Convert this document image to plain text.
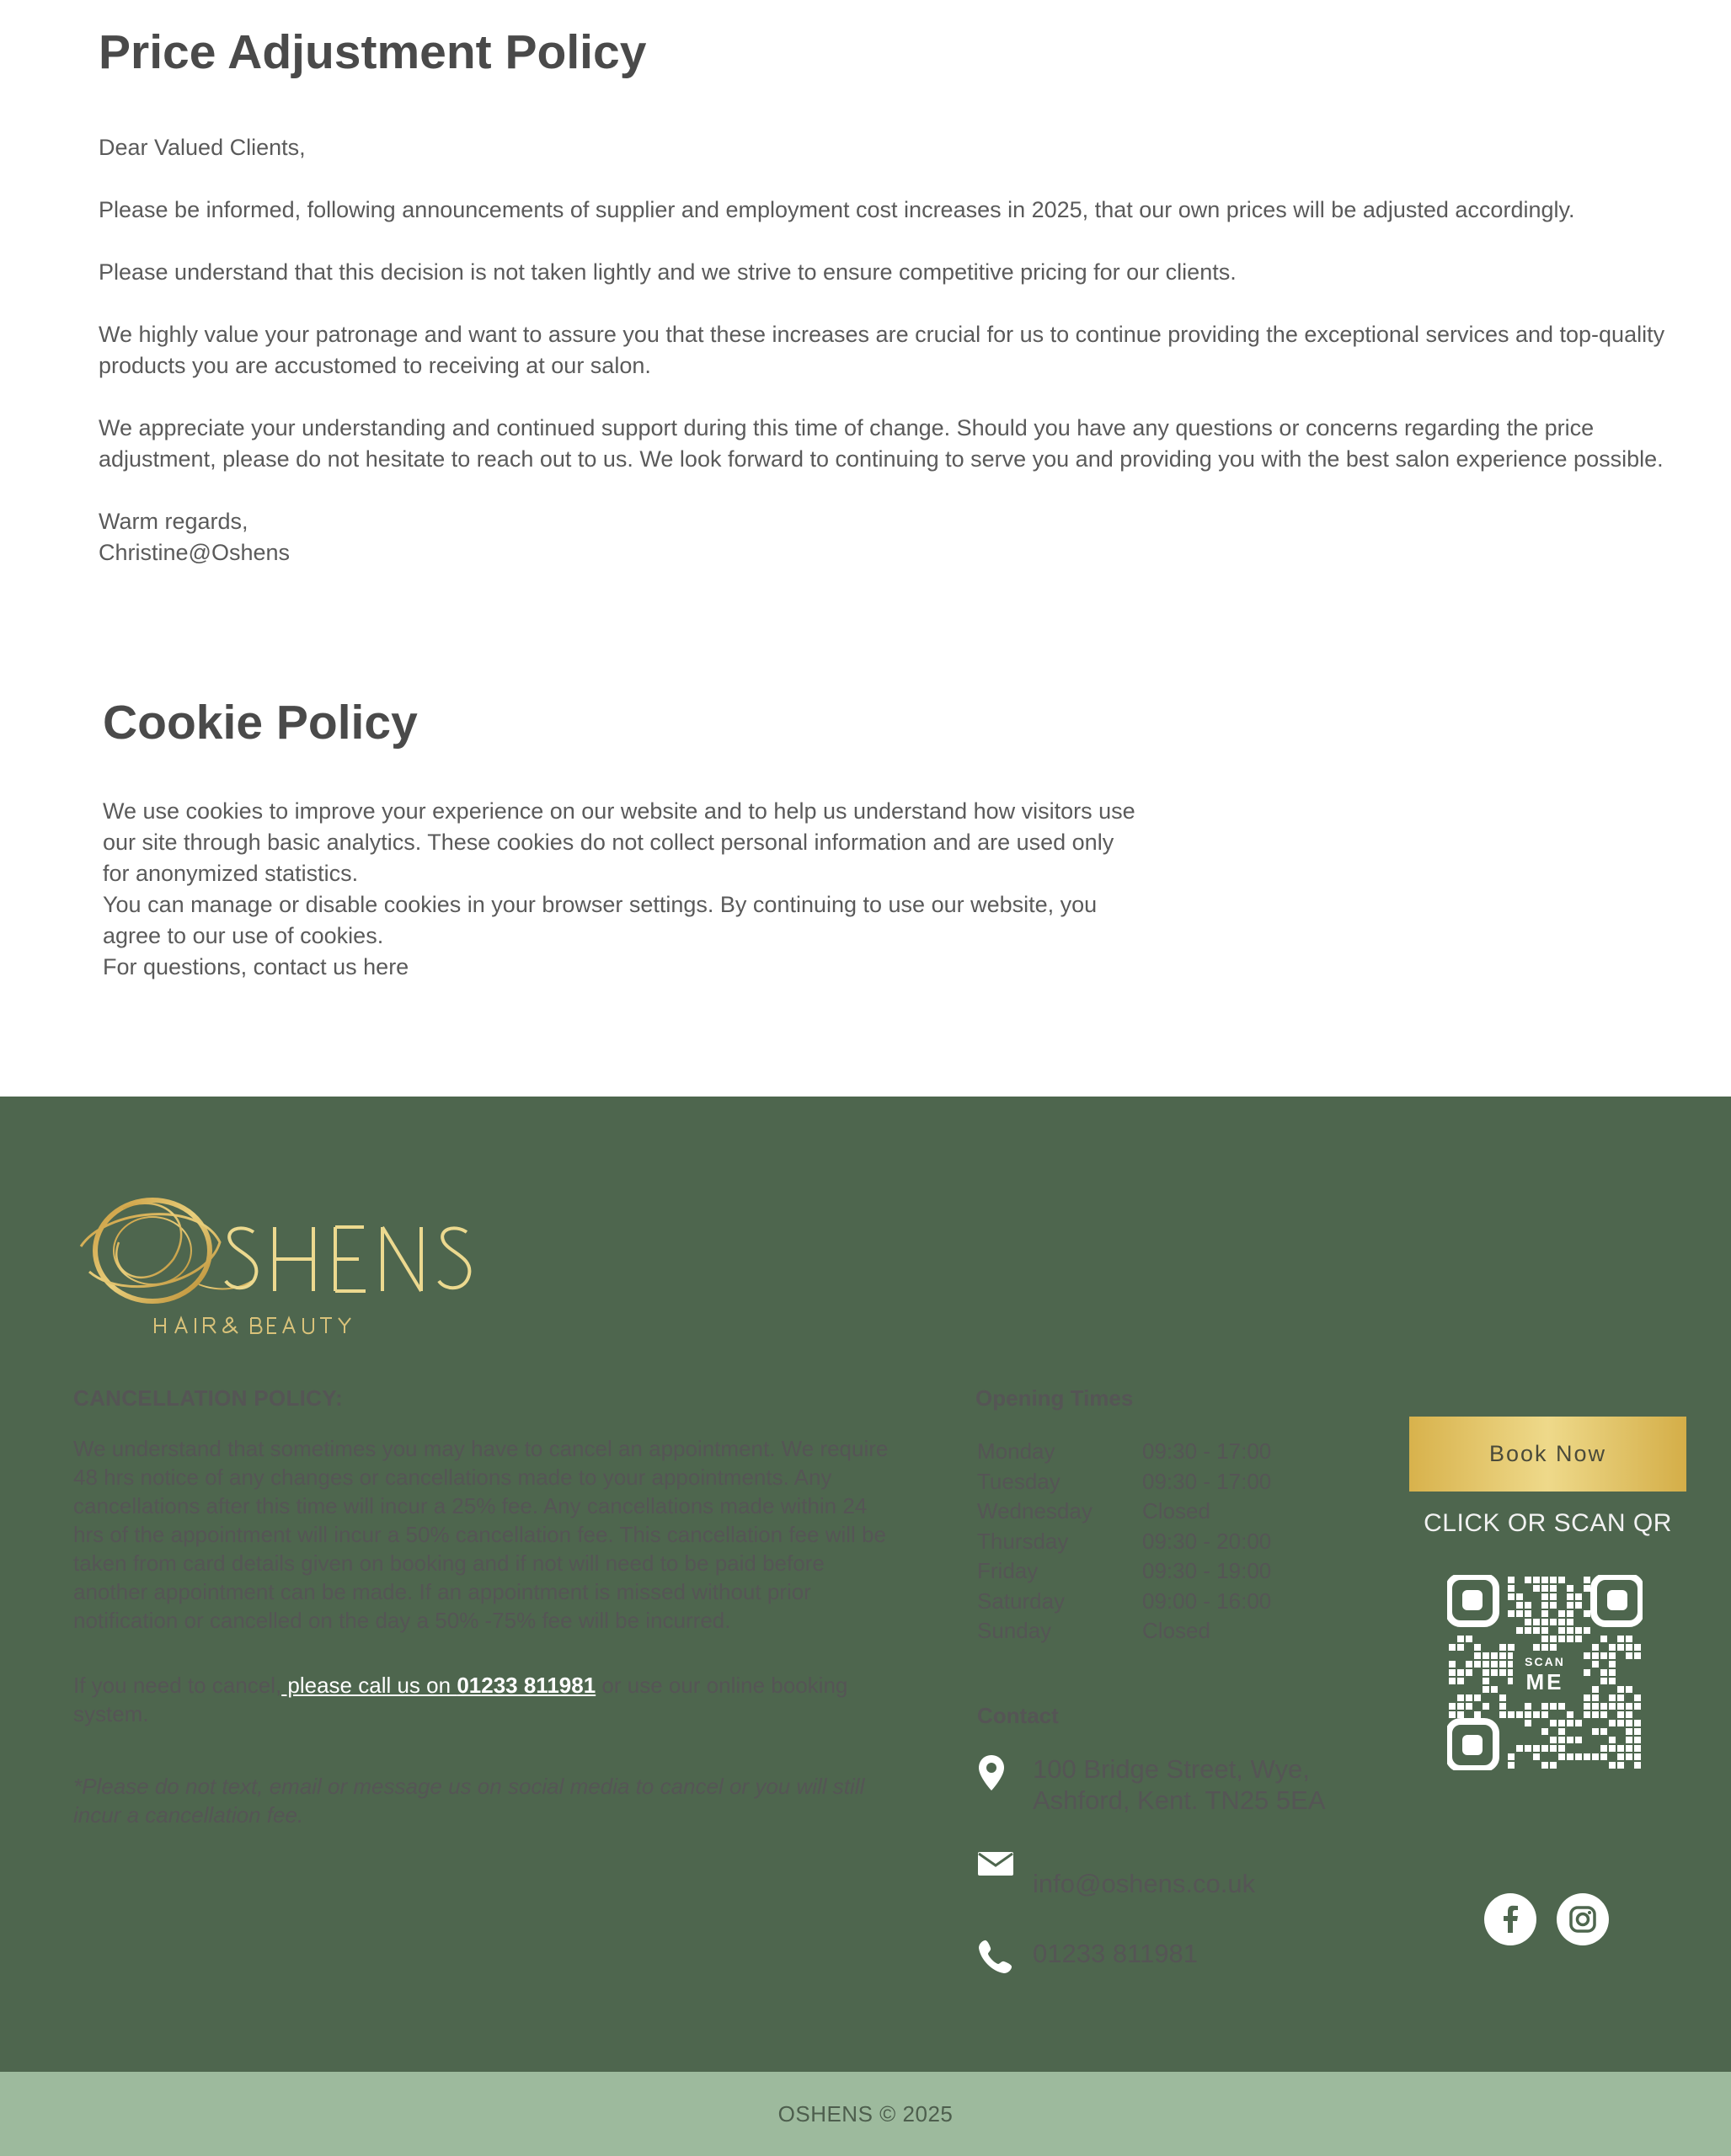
Price Adjustment Policy

Dear Valued Clients,

Please be informed, following announcements of supplier and employment cost increases in 2025, that our own prices will be adjusted accordingly.

Please understand that this decision is not taken lightly and we strive to ensure competitive pricing for our clients.

We highly value your patronage and want to assure you that these increases are crucial for us to continue providing the exceptional services and top-quality products you are accustomed to receiving at our salon.

We appreciate your understanding and continued support during this time of change. Should you have any questions or concerns regarding the price adjustment, please do not hesitate to reach out to us. We look forward to continuing to serve you and providing you with the best salon experience possible.

Warm regards,

Christine@Oshens

Cookie Policy

We use cookies to improve your experience on our website and to help us understand how visitors use our site through basic analytics. These cookies do not collect personal information and are used only for anonymized statistics.

You can manage or disable cookies in your browser settings. By continuing to use our website, you agree to our use of cookies.

For questions, contact us here

CANCELLATION POLICY:

We understand that sometimes you may have to cancel an appointment. We require 48 hrs notice of any changes or cancellations made to your appointments. Any cancellations after this time will incur a 25% fee. Any cancellations made within 24 hrs of the appointment will incur a 50% cancellation fee. This cancellation fee will be taken from card details given on booking and if not will need to be paid before another appointment can be made. If an appointment is missed without prior notification or cancelled on the day a 50% -75% fee will be incurred.

If you need to cancel, please call us on 01233 811981 or use our online booking system.

*Please do not text, email or message us on social media to cancel or you will still incur a cancellation fee.

Opening Times
Monday	09:30 - 17:00
Tuesday	09:30 - 17:00
Wednesday	Closed
Thursday	09:30 - 20:00
Friday	09:30 - 19:00
Saturday	09:00 - 16:00
Sunday	Closed
Contact
100 Bridge Street, Wye,
Ashford, Kent. TN25 5EA
info@oshens.co.uk
01233 811981
Book Now
CLICK OR SCAN QR
SCAN
ME
OSHENS © 2025
